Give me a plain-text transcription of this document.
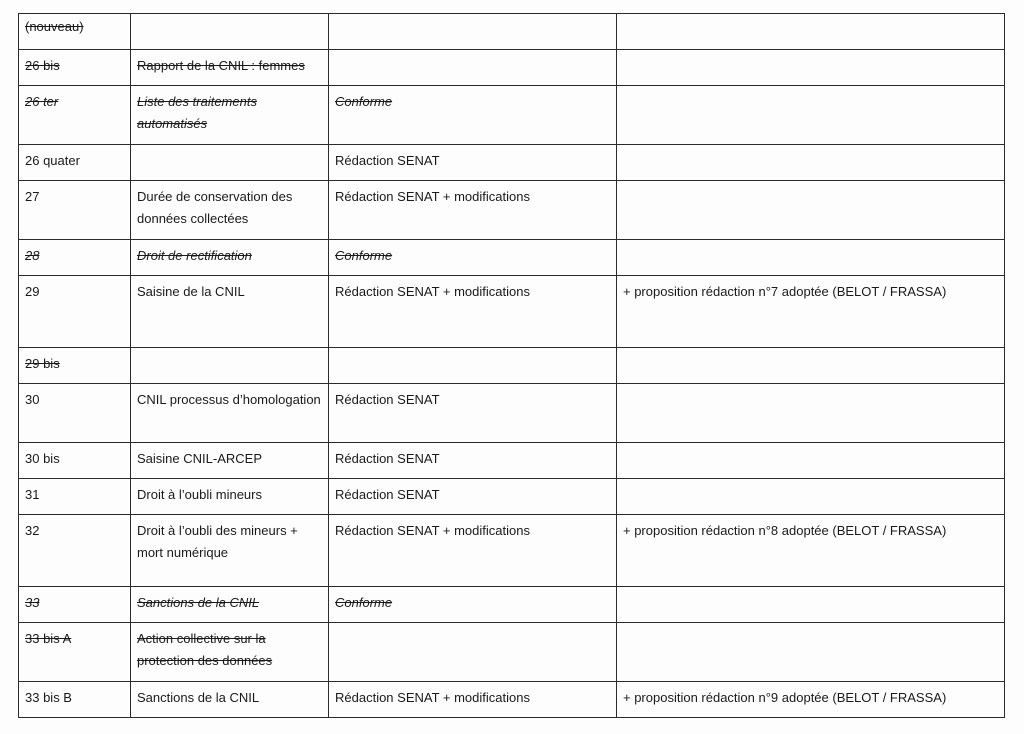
(nouveau)			
26 bis	Rapport de la CNIL : femmes		
26 ter	Liste des traitements automatisés	Conforme	
26 quater		Rédaction SENAT	
27	Durée de conservation des données collectées	Rédaction SENAT + modifications	
28	Droit de rectification	Conforme	
29	Saisine de la CNIL	Rédaction SENAT + modifications	+ proposition rédaction n°7 adoptée (BELOT / FRASSA)
29 bis			
30	CNIL processus d’homologation	Rédaction SENAT	
30 bis	Saisine CNIL-ARCEP	Rédaction SENAT	
31	Droit à l’oubli mineurs	Rédaction SENAT	
32	Droit à l’oubli des mineurs + mort numérique	Rédaction SENAT + modifications	+ proposition rédaction n°8 adoptée (BELOT / FRASSA)
33	Sanctions de la CNIL	Conforme	
33 bis A	Action collective sur la protection des données		
33 bis B	Sanctions de la CNIL	Rédaction SENAT + modifications	+ proposition rédaction n°9 adoptée (BELOT / FRASSA)
